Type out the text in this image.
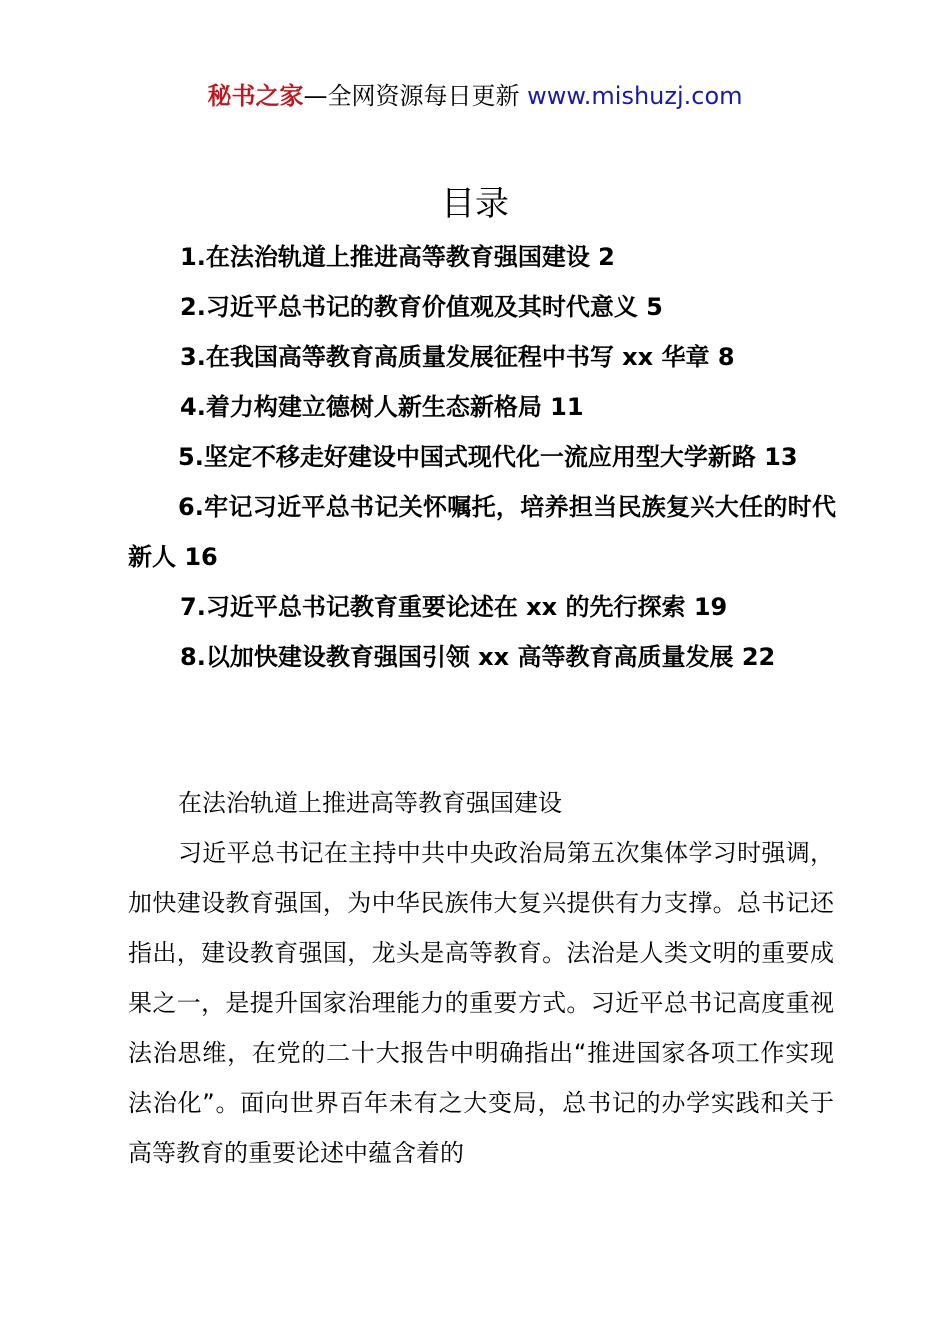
秘书之家—全网资源每日更新 www.mishuzj.com
目录
1.在法治轨道上推进高等教育强国建设 2
2.习近平总书记的教育价值观及其时代意义 5
3.在我国高等教育高质量发展征程中书写 xx 华章 8
4.着力构建立德树人新生态新格局 11
5.坚定不移走好建设中国式现代化一流应用型大学新路 13
6.牢记习近平总书记关怀嘱托，培养担当民族复兴大任的时代新人 16
7.习近平总书记教育重要论述在 xx 的先行探索 19
8.以加快建设教育强国引领 xx 高等教育高质量发展 22
在法治轨道上推进高等教育强国建设

习近平总书记在主持中共中央政治局第五次集体学习时强调，加快建设教育强国，为中华民族伟大复兴提供有力支撑。总书记还指出，建设教育强国，龙头是高等教育。法治是人类文明的重要成果之一，是提升国家治理能力的重要方式。习近平总书记高度重视法治思维，在党的二十大报告中明确指出“推进国家各项工作实现法治化”。面向世界百年未有之大变局，总书记的办学实践和关于高等教育的重要论述中蕴含着的
